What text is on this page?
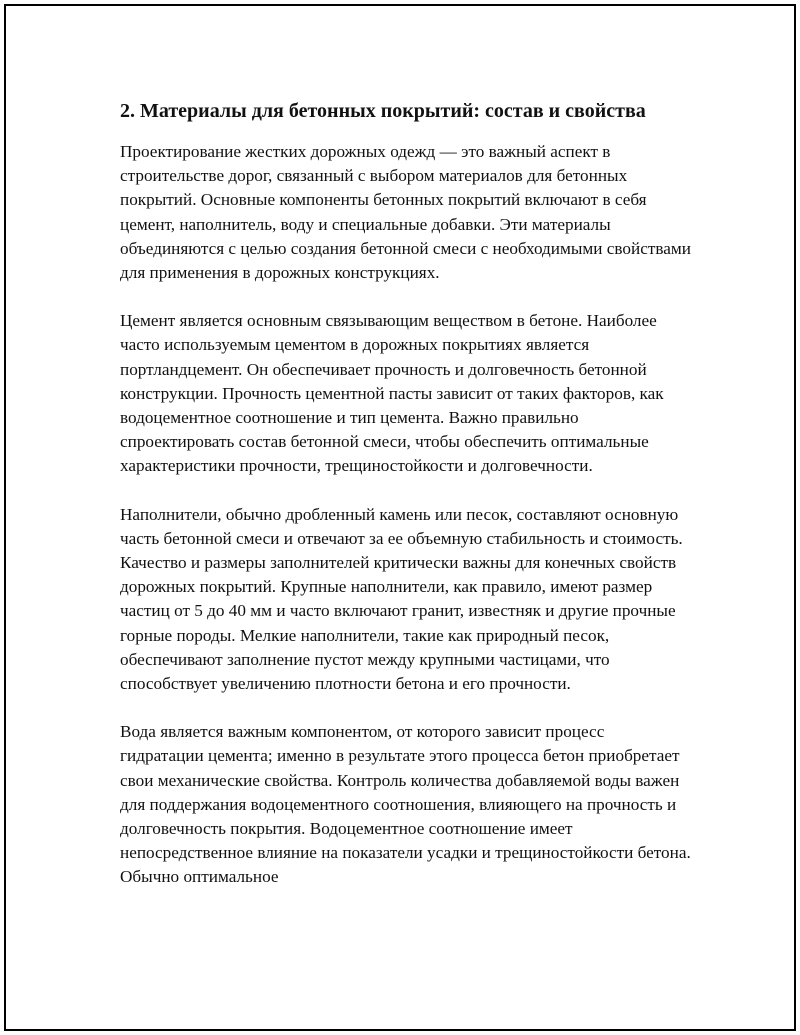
2. Материалы для бетонных покрытий: состав и свойства

Проектирование жестких дорожных одежд — это важный аспект в строительстве дорог, связанный с выбором материалов для бетонных покрытий. Основные компоненты бетонных покрытий включают в себя цемент, наполнитель, воду и специальные добавки. Эти материалы объединяются с целью создания бетонной смеси с необходимыми свойствами для применения в дорожных конструкциях.

Цемент является основным связывающим веществом в бетоне. Наиболее часто используемым цементом в дорожных покрытиях является портландцемент. Он обеспечивает прочность и долговечность бетонной конструкции. Прочность цементной пасты зависит от таких факторов, как водоцементное соотношение и тип цемента. Важно правильно спроектировать состав бетонной смеси, чтобы обеспечить оптимальные характеристики прочности, трещиностойкости и долговечности.

Наполнители, обычно дробленный камень или песок, составляют основную часть бетонной смеси и отвечают за ее объемную стабильность и стоимость. Качество и размеры заполнителей критически важны для конечных свойств дорожных покрытий. Крупные наполнители, как правило, имеют размер частиц от 5 до 40 мм и часто включают гранит, известняк и другие прочные горные породы. Мелкие наполнители, такие как природный песок, обеспечивают заполнение пустот между крупными частицами, что способствует увеличению плотности бетона и его прочности.

Вода является важным компонентом, от которого зависит процесс гидратации цемента; именно в результате этого процесса бетон приобретает свои механические свойства. Контроль количества добавляемой воды важен для поддержания водоцементного соотношения, влияющего на прочность и долговечность покрытия. Водоцементное соотношение имеет непосредственное влияние на показатели усадки и трещиностойкости бетона. Обычно оптимальное
